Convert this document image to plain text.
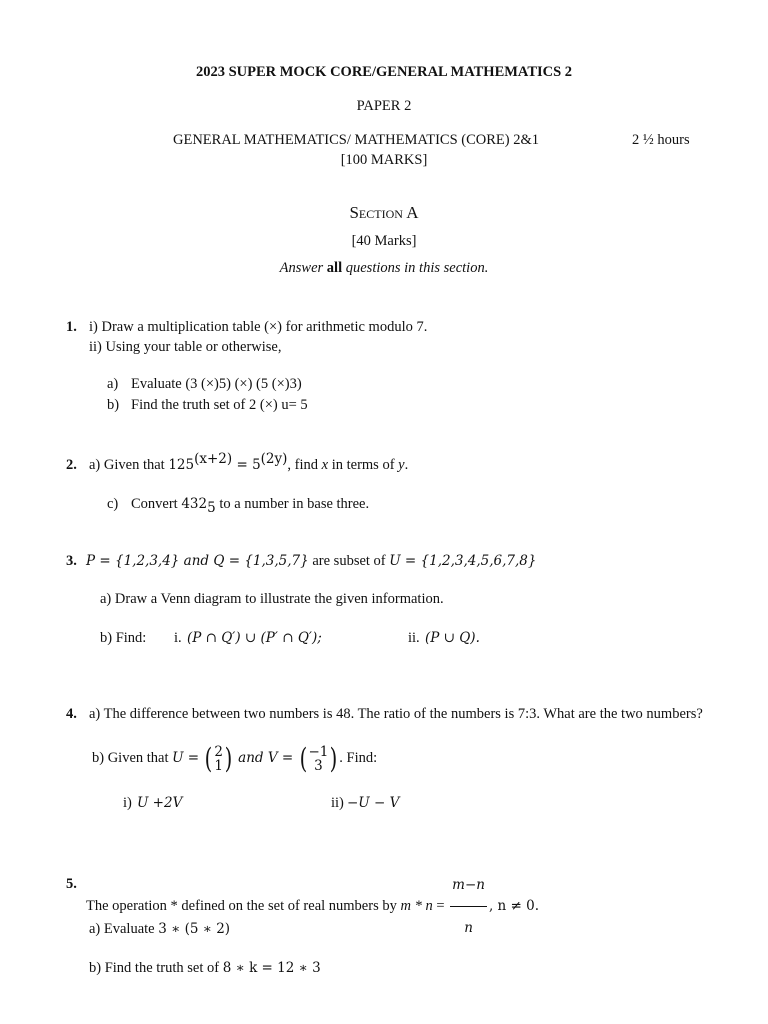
2023 SUPER MOCK CORE/GENERAL MATHEMATICS 2
PAPER 2
GENERAL MATHEMATICS/ MATHEMATICS (CORE) 2&1	2 ½ hours
[100 MARKS]
Section A
[40 Marks]
Answer all questions in this section.
1. i) Draw a multiplication table (×) for arithmetic modulo 7.
ii) Using your table or otherwise,
a) Evaluate (3 (×)5) (×) (5 (×)3)
b) Find the truth set of 2 (×) u= 5
2. a) Given that $125^{(x+2)} = 5^{(2y)}$, find x in terms of y.
c) Convert $432_5$ to a number in base three.
3. P = {1,2,3,4} and Q = {1,3,5,7} are subset of U = {1,2,3,4,5,6,7,8}
a) Draw a Venn diagram to illustrate the given information.
b) Find: i. (P ∩ Q′) ∪ (P′ ∩ Q′);	ii. (P ∪ Q).
4. a) The difference between two numbers is 48. The ratio of the numbers is 7:3. What are the two numbers?
b) Given that U = ( 2
1 ) and V = ( −1
3 ) . Find:
i) U +2V	ii) −U − V
5.
The operation * defined on the set of real numbers by $m * n = \frac{m-n}{n}$ , n ≠ 0.
a) Evaluate 3 ∗ (5 ∗ 2)
b) Find the truth set of 8 ∗ k = 12 ∗ 3
